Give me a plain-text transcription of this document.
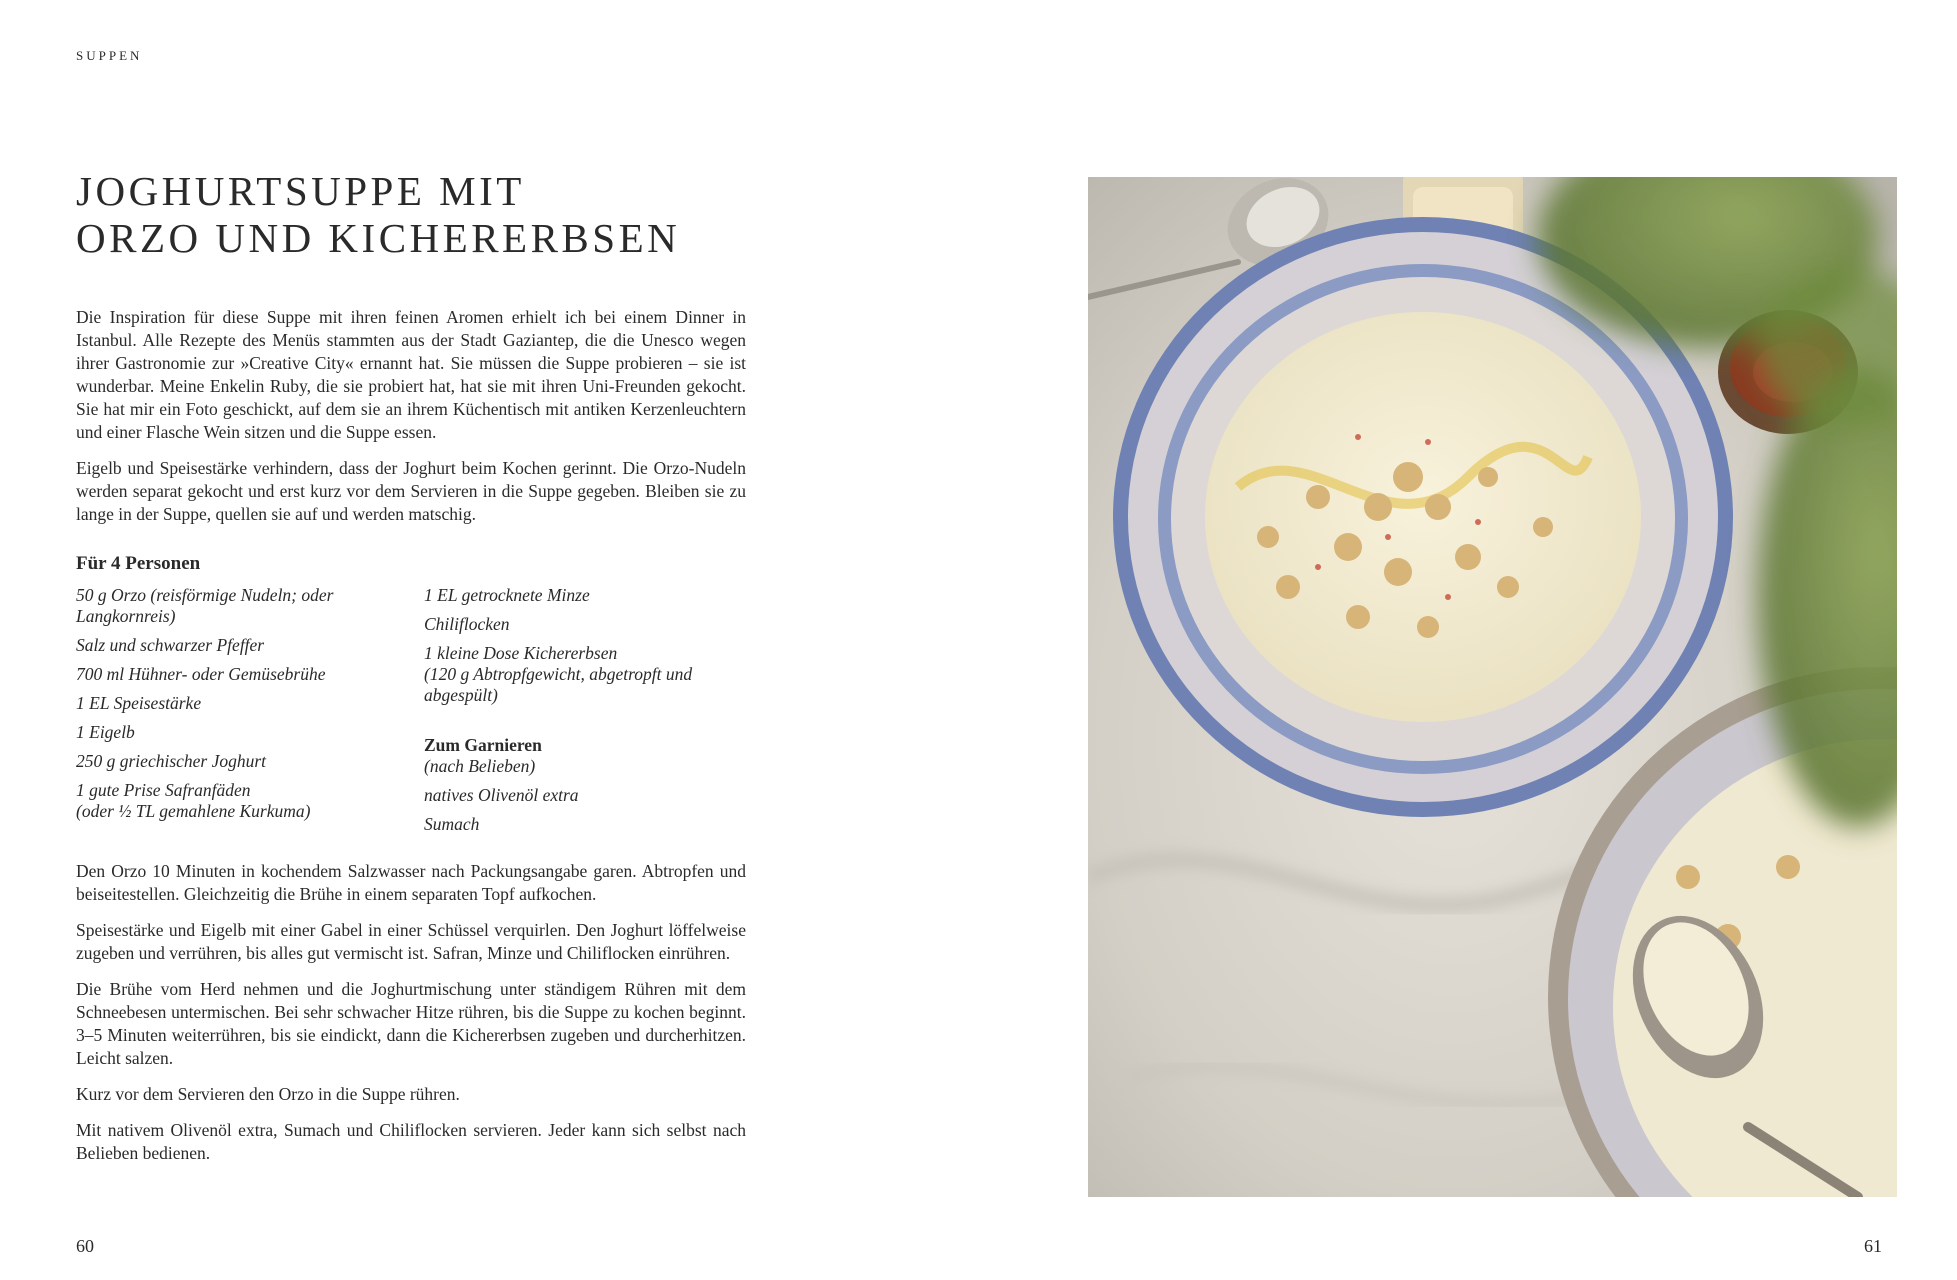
SUPPEN
JOGHURTSUPPE MIT
ORZO UND KICHERERBSEN

Die Inspiration für diese Suppe mit ihren feinen Aromen erhielt ich bei einem Dinner in Istanbul. Alle Rezepte des Menüs stammten aus der Stadt Gaziantep, die die Unesco wegen ihrer Gastronomie zur »Creative City« ernannt hat. Sie müssen die Suppe probieren – sie ist wunderbar. Meine Enkelin Ruby, die sie probiert hat, hat sie mit ihren Uni-Freunden gekocht. Sie hat mir ein Foto geschickt, auf dem sie an ihrem Küchentisch mit antiken Kerzenleuchtern und einer Flasche Wein sitzen und die Suppe essen.

Eigelb und Speisestärke verhindern, dass der Joghurt beim Kochen gerinnt. Die Orzo-Nudeln werden separat gekocht und erst kurz vor dem Servieren in die Suppe gegeben. Bleiben sie zu lange in der Suppe, quellen sie auf und werden matschig.

Für 4 Personen
50 g Orzo (reisförmige Nudeln; oder Langkornreis)
Salz und schwarzer Pfeffer
700 ml Hühner- oder Gemüsebrühe
1 EL Speisestärke
1 Eigelb
250 g griechischer Joghurt
1 gute Prise Safranfäden
(oder ½ TL gemahlene Kurkuma)
1 EL getrocknete Minze
Chiliflocken
1 kleine Dose Kichererbsen
(120 g Abtropfgewicht, abgetropft und abgespült)

Zum Garnieren
(nach Belieben)

natives Olivenöl extra
Sumach

Den Orzo 10 Minuten in kochendem Salzwasser nach Packungsangabe garen. Abtropfen und beiseitestellen. Gleichzeitig die Brühe in einem separaten Topf aufkochen.

Speisestärke und Eigelb mit einer Gabel in einer Schüssel verquirlen. Den Joghurt löffelweise zugeben und verrühren, bis alles gut vermischt ist. Safran, Minze und Chiliflocken einrühren.

Die Brühe vom Herd nehmen und die Joghurtmischung unter ständigem Rühren mit dem Schneebesen untermischen. Bei sehr schwacher Hitze rühren, bis die Suppe zu kochen beginnt. 3–5 Minuten weiterrühren, bis sie eindickt, dann die Kichererbsen zugeben und durcherhitzen. Leicht salzen.

Kurz vor dem Servieren den Orzo in die Suppe rühren.

Mit nativem Olivenöl extra, Sumach und Chiliflocken servieren. Jeder kann sich selbst nach Belieben bedienen.

60	61
